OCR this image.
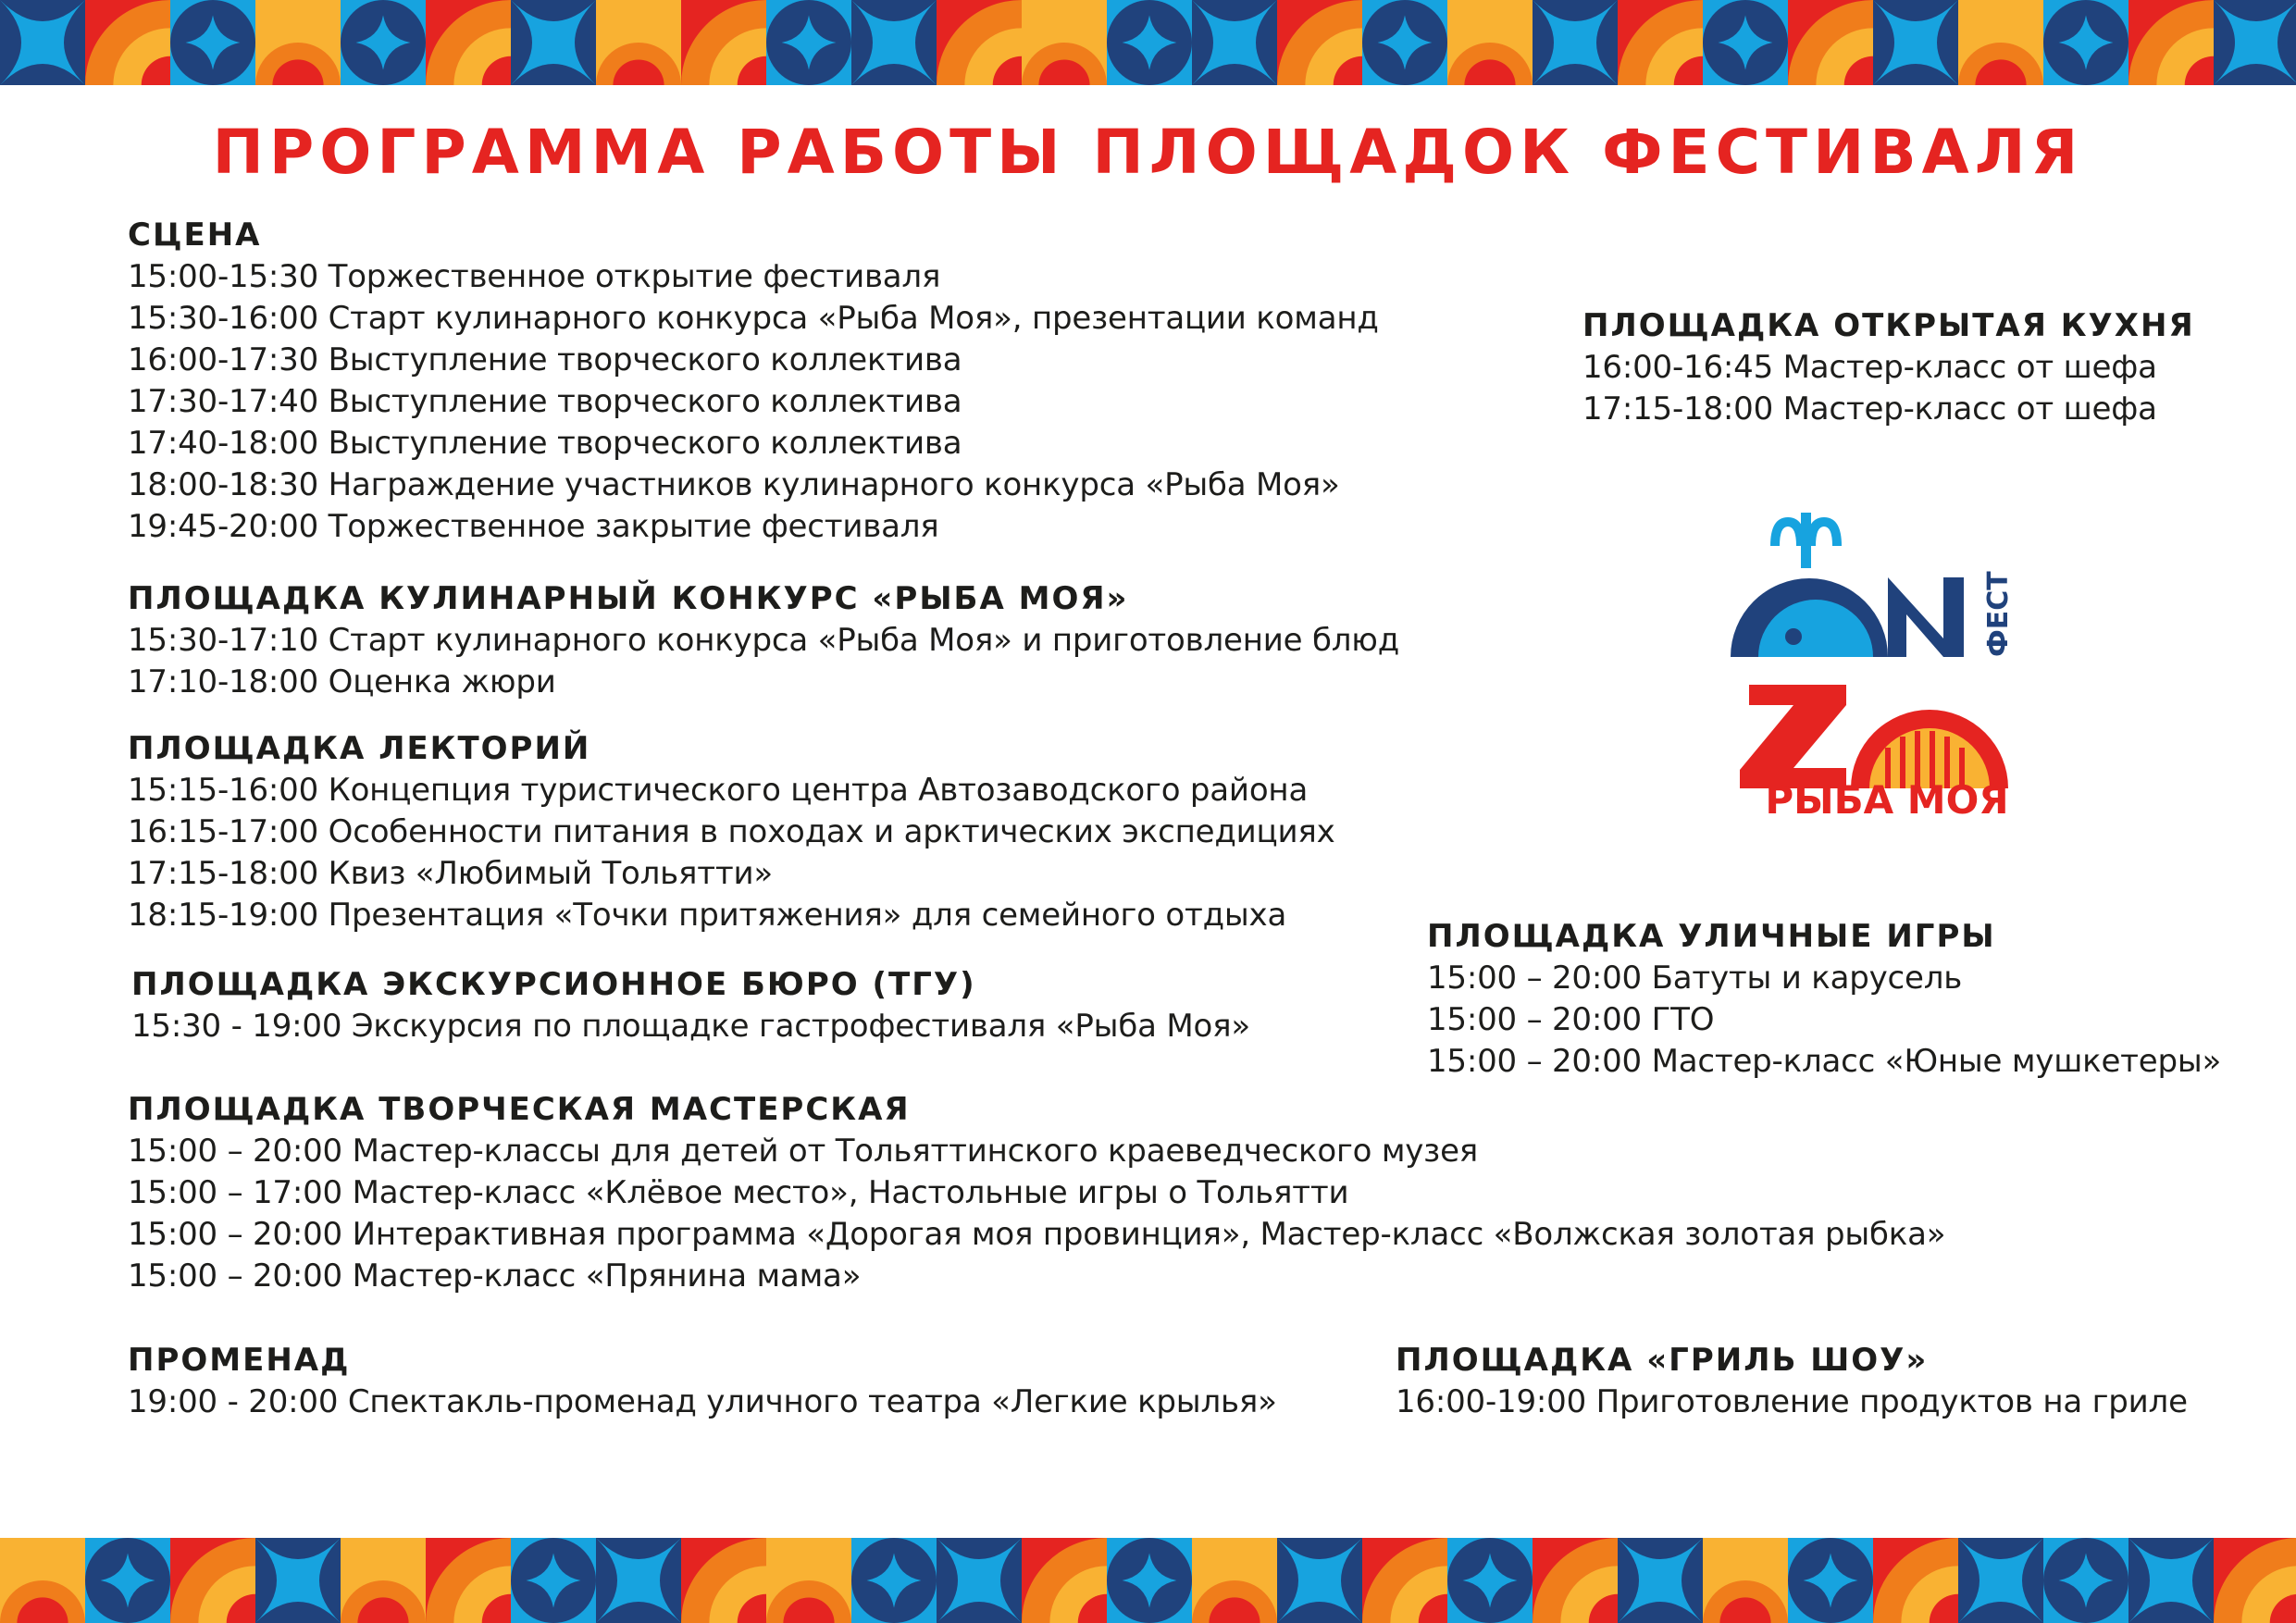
ПРОГРАММА РАБОТЫ ПЛОЩАДОК ФЕСТИВАЛЯ
СЦЕНА
15:00-15:30 Торжественное открытие фестиваля
15:30-16:00 Старт кулинарного конкурса «Рыба Моя», презентации команд
16:00-17:30 Выступление творческого коллектива
17:30-17:40 Выступление творческого коллектива
17:40-18:00 Выступление творческого коллектива
18:00-18:30 Награждение участников кулинарного конкурса «Рыба Моя»
19:45-20:00 Торжественное закрытие фестиваля
ПЛОЩАДКА ОТКРЫТАЯ КУХНЯ
16:00-16:45 Мастер-класс от шефа
17:15-18:00 Мастер-класс от шефа
ФЕСТ
РЫБА МОЯ
ПЛОЩАДКА КУЛИНАРНЫЙ КОНКУРС «РЫБА МОЯ»
15:30-17:10 Старт кулинарного конкурса «Рыба Моя» и приготовление блюд
17:10-18:00 Оценка жюри
ПЛОЩАДКА ЛЕКТОРИЙ
15:15-16:00 Концепция туристического центра Автозаводского района
16:15-17:00 Особенности питания в походах и арктических экспедициях
17:15-18:00 Квиз «Любимый Тольятти»
18:15-19:00 Презентация «Точки притяжения» для семейного отдыха
ПЛОЩАДКА ЭКСКУРСИОННОЕ БЮРО (ТГУ)
15:30 - 19:00 Экскурсия по площадке гастрофестиваля «Рыба Моя»
ПЛОЩАДКА УЛИЧНЫЕ ИГРЫ
15:00 – 20:00 Батуты и карусель
15:00 – 20:00 ГТО
15:00 – 20:00 Мастер-класс «Юные мушкетеры»
ПЛОЩАДКА ТВОРЧЕСКАЯ МАСТЕРСКАЯ
15:00 – 20:00 Мастер-классы для детей от Тольяттинского краеведческого музея
15:00 – 17:00 Мастер-класс «Клёвое место», Настольные игры о Тольятти
15:00 – 20:00 Интерактивная программа «Дорогая моя провинция», Мастер-класс «Волжская золотая рыбка»
15:00 – 20:00 Мастер-класс «Прянина мама»
ПРОМЕНАД
19:00 - 20:00 Спектакль-променад уличного театра «Легкие крылья»
ПЛОЩАДКА «ГРИЛЬ ШОУ»
16:00-19:00 Приготовление продуктов на гриле
